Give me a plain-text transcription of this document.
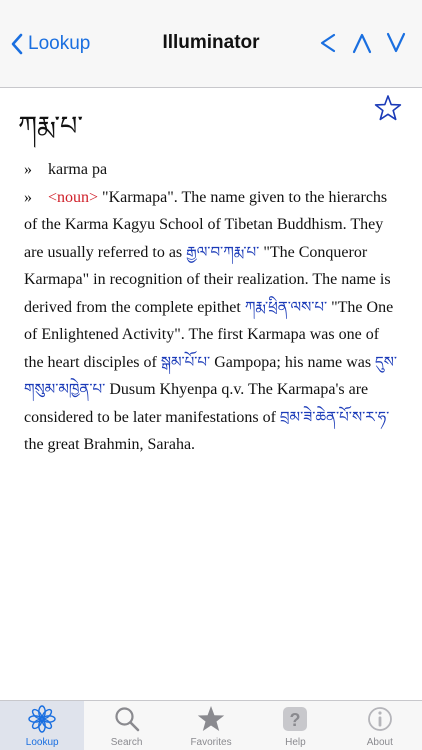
Lookup	Illuminator
ཀརྨ་པ་
» karma pa
» <noun> "Karmapa". The name given to the hierarchs of the Karma Kagyu School of Tibetan Buddhism. They are usually referred to as རྒྱལ་བ་ཀརྨ་པ་ "The Conqueror Karmapa" in recognition of their realization. The name is derived from the complete epithet ཀརྨ་ཕྲིན་ལས་པ་ "The One of Enlightened Activity". The first Karmapa was one of the heart disciples of སྒམ་པོ་པ་ Gampopa; his name was དུས་གསུམ་མཁྱེན་པ་ Dusum Khyenpa q.v. The Karmapa's are considered to be later manifestations of བྲམ་ཟེ་ཆེན་པོ་ས་ར་ཧ་ the great Brahmin, Saraha.
Lookup	Search	Favorites
?
Help	About
